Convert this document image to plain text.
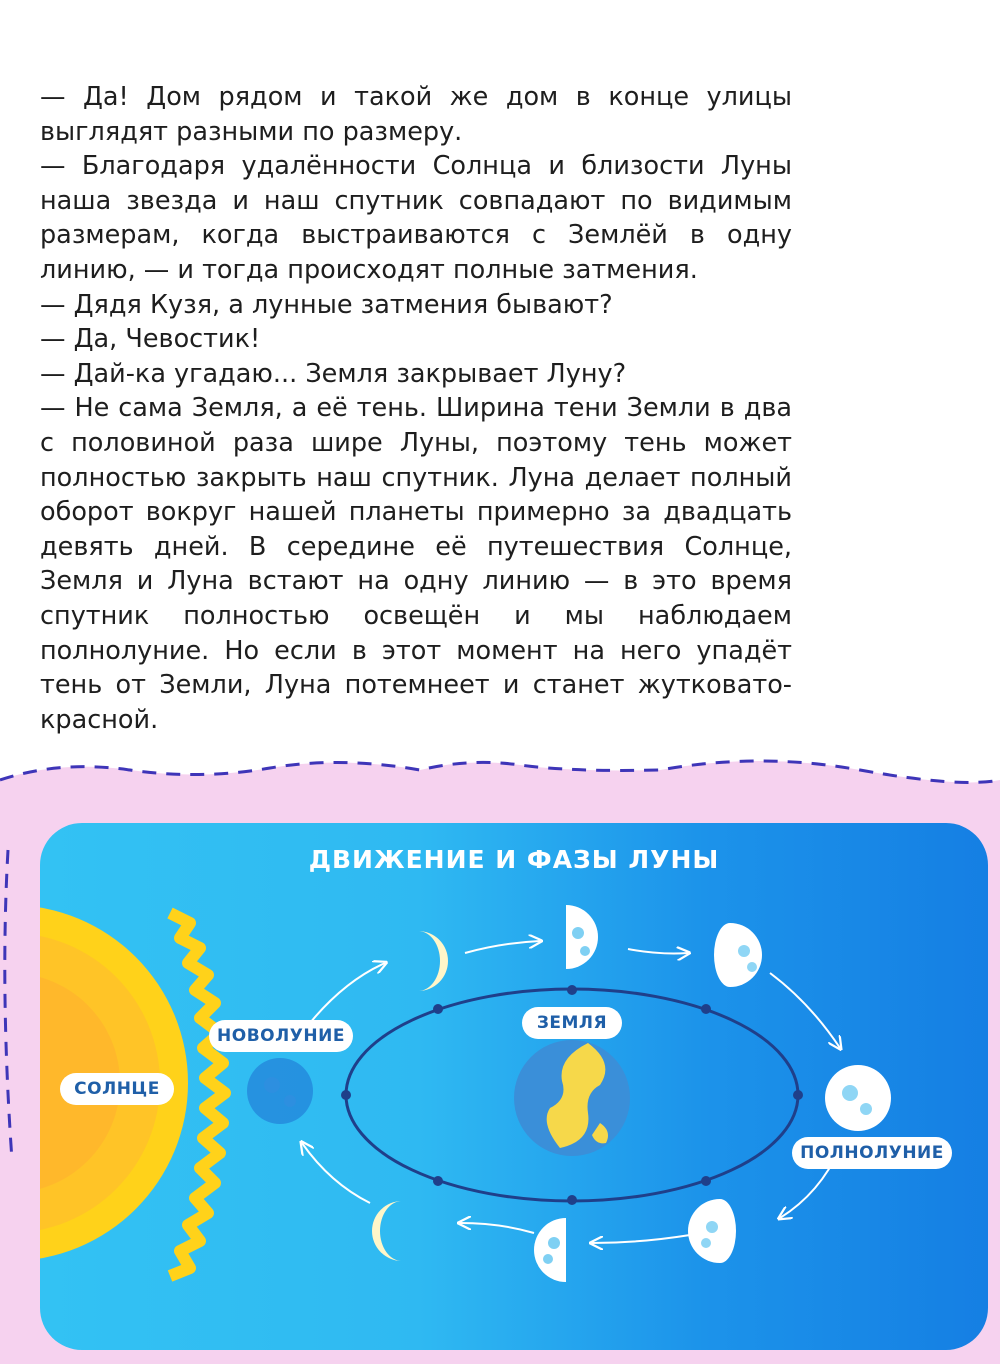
— Да! Дом рядом и такой же дом в конце улицы выглядят разными по размеру.

— Благодаря удалённости Солнца и близости Луны наша звезда и наш спутник совпадают по видимым размерам, когда выстраиваются с Землёй в одну линию, — и тогда происходят полные затмения.

— Дядя Кузя, а лунные затмения бывают?

— Да, Чевостик!

— Дай-ка угадаю... Земля закрывает Луну?

— Не сама Земля, а её тень. Ширина тени Земли в два с половиной раза шире Луны, поэтому тень может полностью закрыть наш спутник. Луна делает полный оборот вокруг нашей планеты примерно за двадцать девять дней. В середине её путешествия Солнце, Земля и Луна встают на одну линию — в это время спутник полностью освещён и мы наблюдаем полнолуние. Но если в этот момент на него упадёт тень от Земли, Луна потемнеет и станет жутковато-красной.

ДВИЖЕНИЕ И ФАЗЫ ЛУНЫ
СОЛНЦЕ
НОВОЛУНИЕ
ЗЕМЛЯ
ПОЛНОЛУНИЕ
